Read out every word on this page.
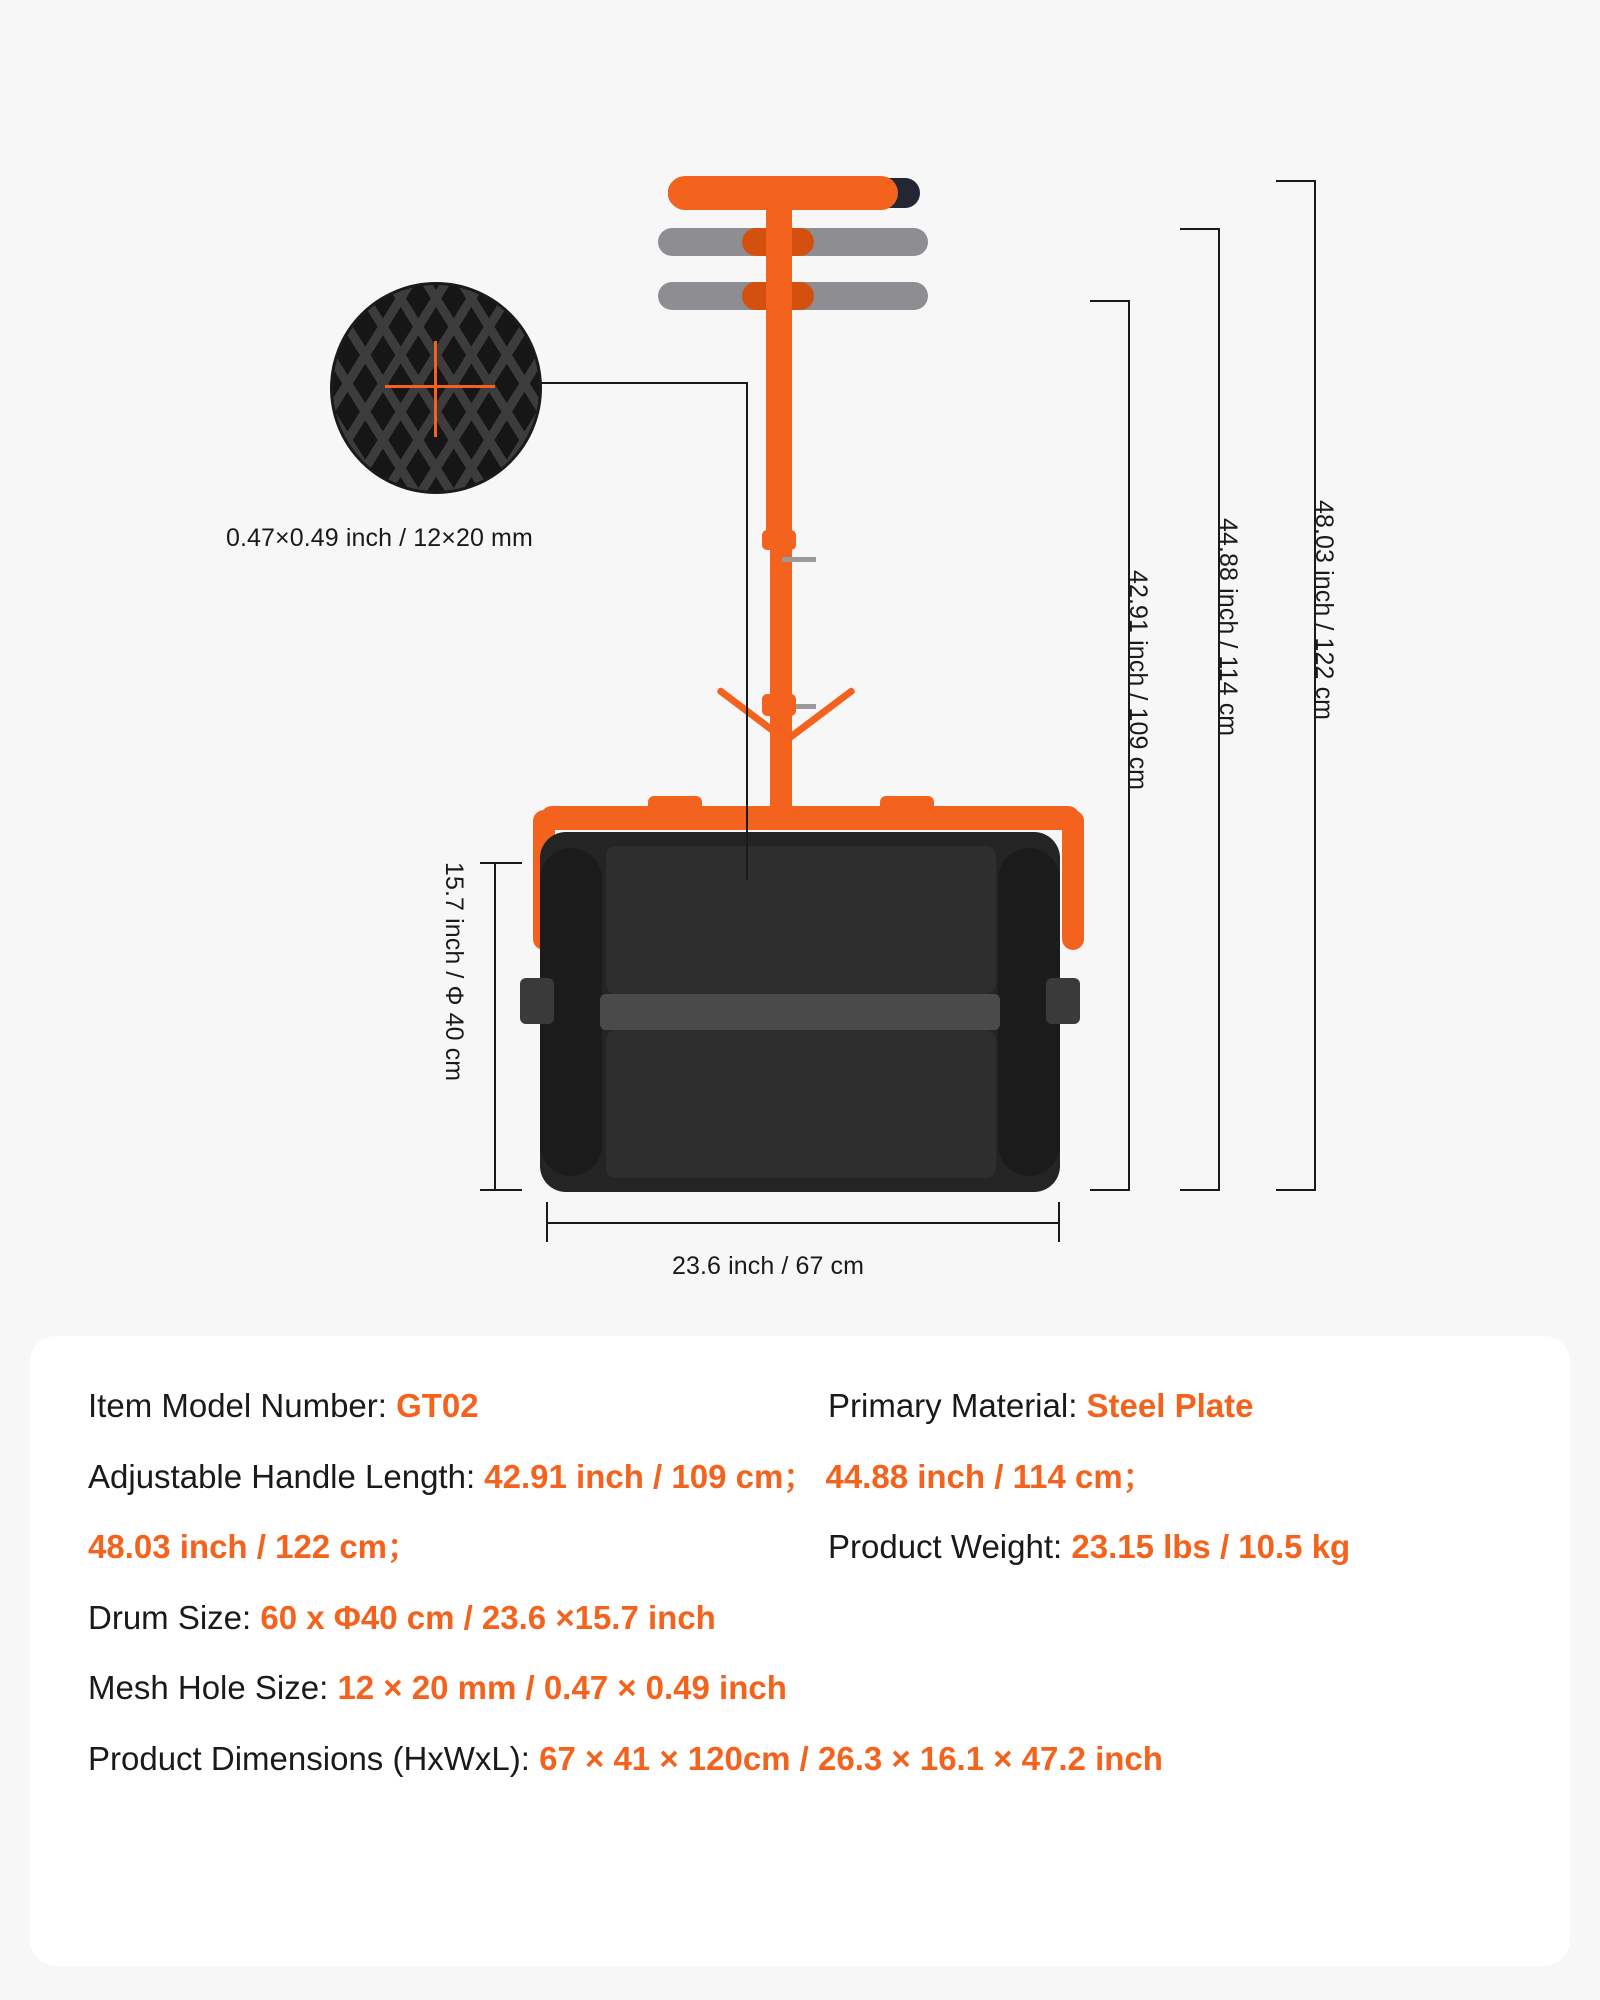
0.47×0.49 inch / 12×20 mm
42.91 inch / 109 cm 44.88 inch / 114 cm	48.03 inch / 122 cm
15.7 inch / Φ 40 cm
23.6 inch / 67 cm
Item Model Number: GT02	Primary Material: Steel Plate
Adjustable Handle Length: 42.91 inch / 109 cm； 44.88 inch / 114 cm；
48.03 inch / 122 cm；	Product Weight: 23.15 lbs / 10.5 kg
Drum Size: 60 x Φ40 cm / 23.6 ×15.7 inch
Mesh Hole Size: 12 × 20 mm / 0.47 × 0.49 inch
Product Dimensions (HxWxL): 67 × 41 × 120cm / 26.3 × 16.1 × 47.2 inch
